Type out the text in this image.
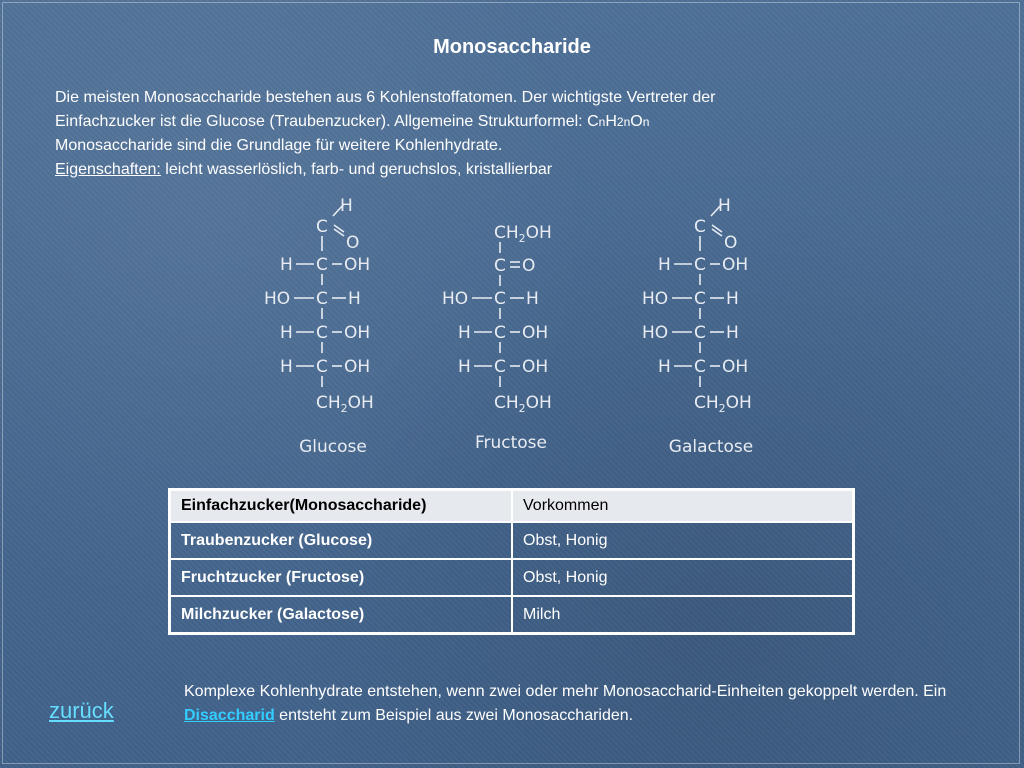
Monosaccharide
Die meisten Monosaccharide bestehen aus 6 Kohlenstoffatomen. Der wichtigste Vertreter der
Einfachzucker ist die Glucose (Traubenzucker). Allgemeine Strukturformel: CnH2nOn
Monosaccharide sind die Grundlage für weitere Kohlenhydrate.
Eigenschaften: leicht wasserlöslich, farb- und geruchslos, kristallierbar
H
C
O
H C OH
HO C H
H C OH
H C OH
$CH_2OH$
Glucose
$CH_2OH$
C O
HO C H
H C OH
H C OH
$CH_2OH$
Fructose
H
C
O
H C OH
HO C H
HO C H
H C OH
$CH_2OH$
Galactose
Einfachzucker(Monosaccharide)	Vorkommen
Traubenzucker (Glucose)	Obst, Honig
Fruchtzucker (Fructose)	Obst, Honig
Milchzucker (Galactose)	Milch
Komplexe Kohlenhydrate entstehen, wenn zwei oder mehr Monosaccharid-Einheiten gekoppelt werden. Ein Disaccharid entsteht zum Beispiel aus zwei Monosacchariden.
zurück
